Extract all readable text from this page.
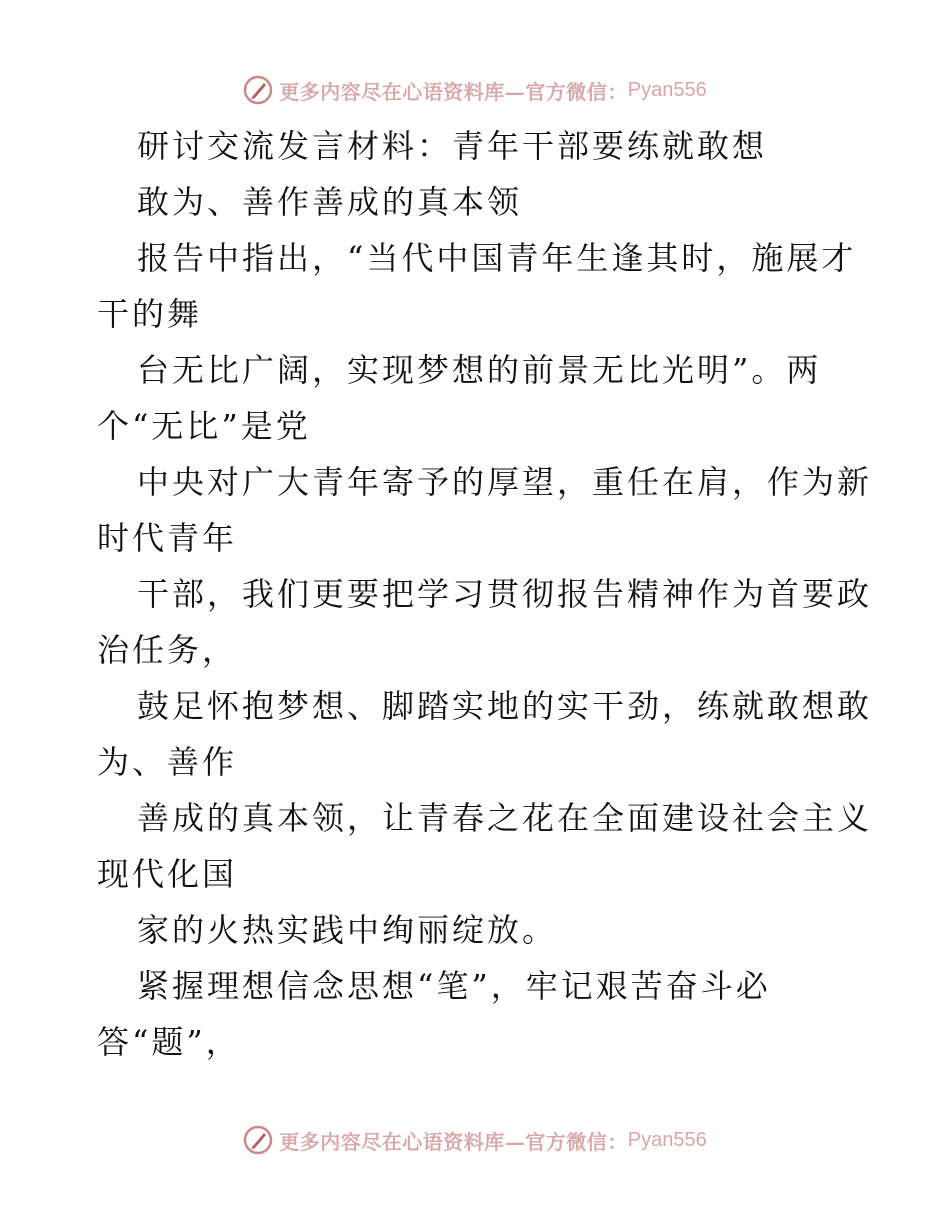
更多内容尽在心语资料库—官方微信： Pyan556
研讨交流发言材料：青年干部要练就敢想
敢为、善作善成的真本领
报告中指出，“当代中国青年生逢其时，施展才
干的舞
台无比广阔，实现梦想的前景无比光明”。两
个“无比”是党
中央对广大青年寄予的厚望，重任在肩，作为新
时代青年
干部，我们更要把学习贯彻报告精神作为首要政
治任务，
鼓足怀抱梦想、脚踏实地的实干劲，练就敢想敢
为、善作
善成的真本领，让青春之花在全面建设社会主义
现代化国
家的火热实践中绚丽绽放。
紧握理想信念思想“笔”，牢记艰苦奋斗必
答“题”，
更多内容尽在心语资料库—官方微信： Pyan556
